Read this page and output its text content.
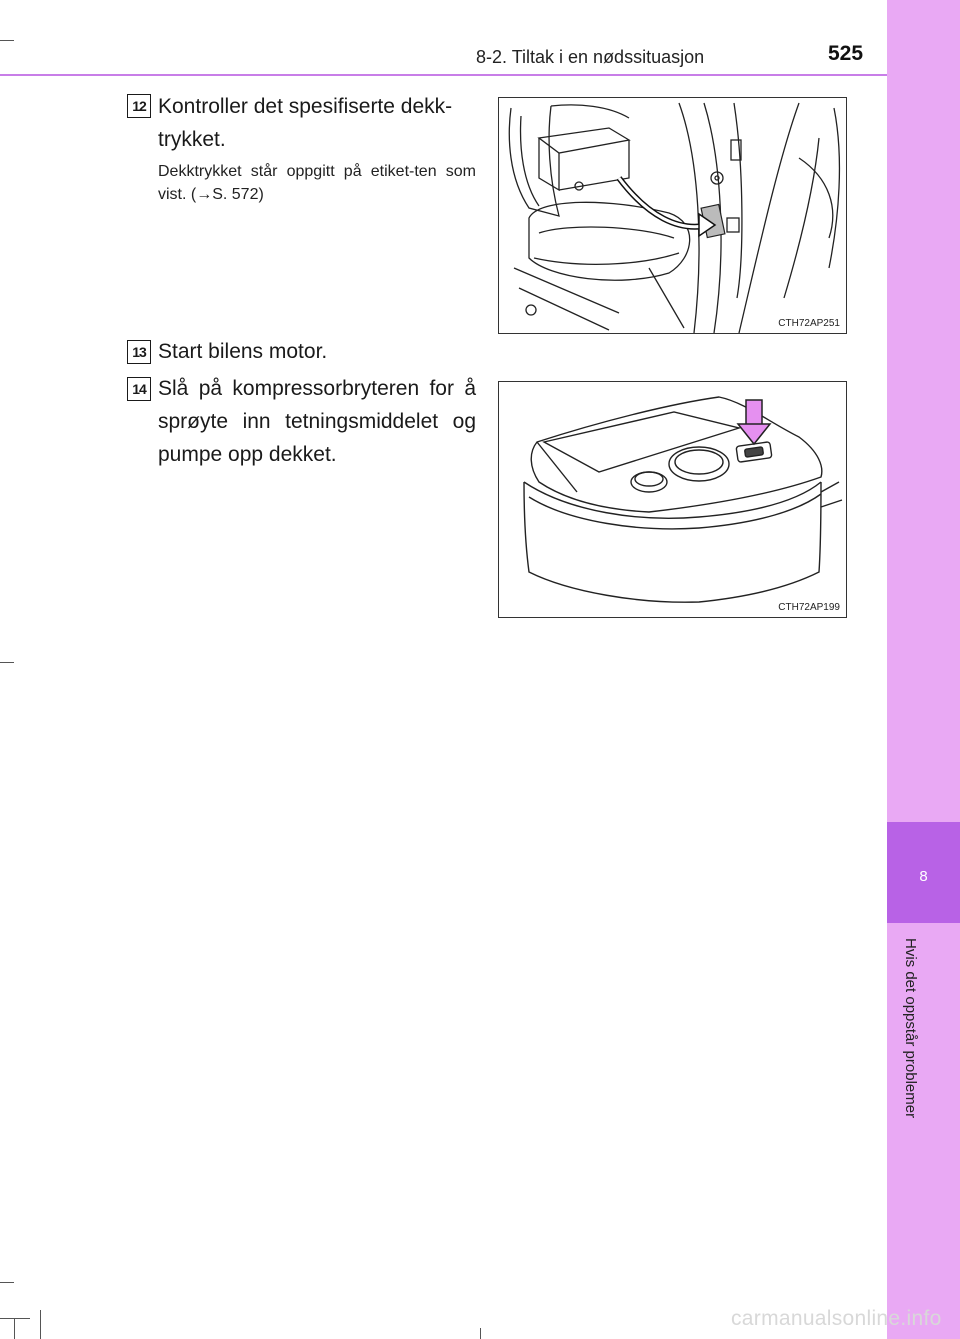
8
Hvis det oppstår problemer
8-2. Tiltak i en nødssituasjon	525
12 Kontroller det spesifiserte dekk-trykket.
Dekktrykket står oppgitt på etiket-ten som vist. (→S. 572)
CTH72AP251
13 Start bilens motor.
14 Slå på kompressorbryteren for å sprøyte inn tetningsmiddelet og pumpe opp dekket.
CTH72AP199
carmanualsonline.info
